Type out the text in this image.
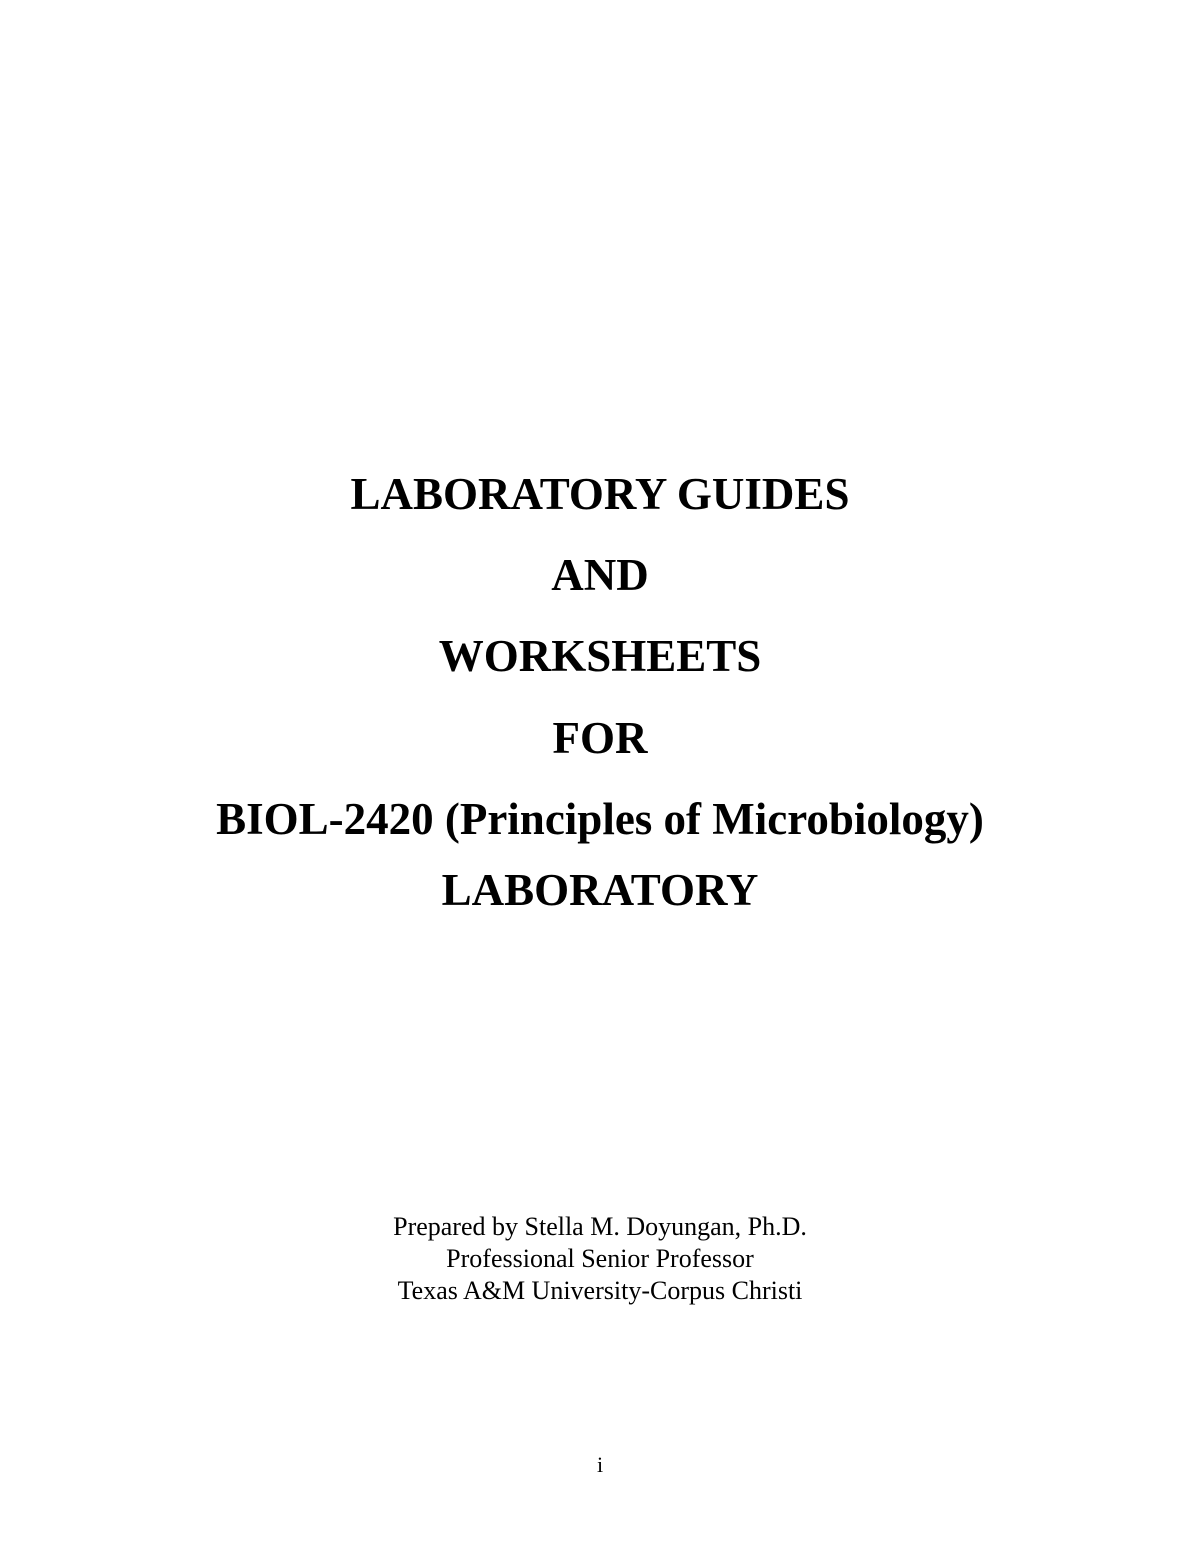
LABORATORY GUIDES
AND
WORKSHEETS
FOR
BIOL-2420 (Principles of Microbiology)
LABORATORY
Prepared by Stella M. Doyungan, Ph.D.
Professional Senior Professor
Texas A&M University-Corpus Christi
i
